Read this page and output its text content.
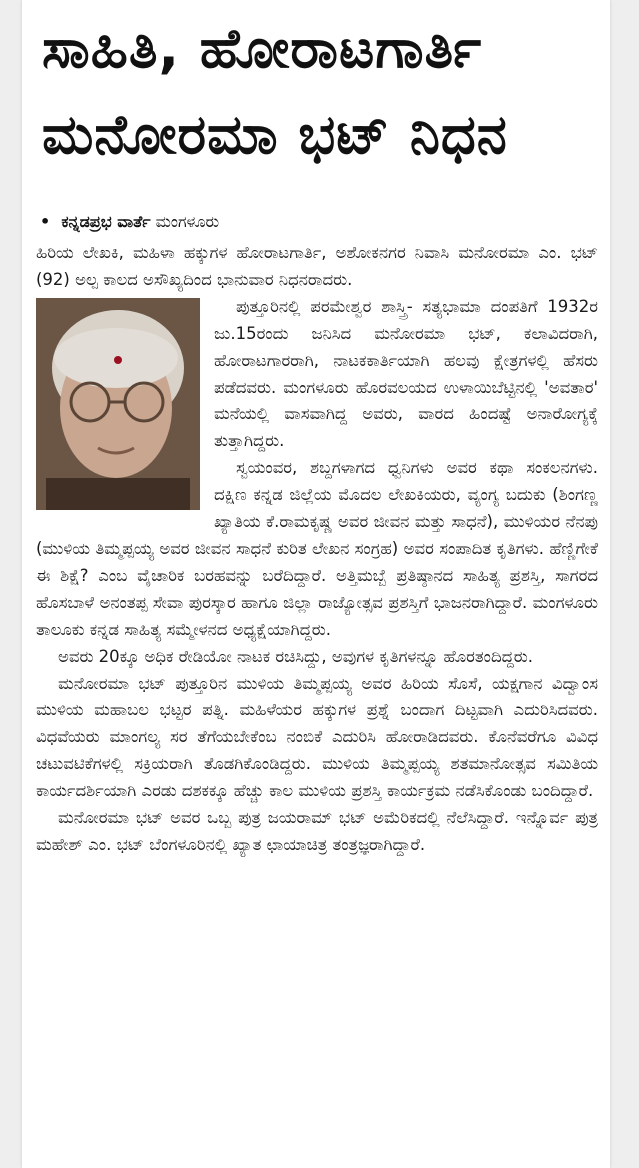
ಸಾಹಿತಿ, ಹೋರಾಟಗಾರ್ತಿ
ಮನೋರಮಾ ಭಟ್ ನಿಧನ
• ಕನ್ನಡಪ್ರಭ ವಾರ್ತೆ ಮಂಗಳೂರು

ಹಿರಿಯ ಲೇಖಕಿ, ಮಹಿಳಾ ಹಕ್ಕುಗಳ ಹೋರಾಟಗಾರ್ತಿ, ಅಶೋಕನಗರ ನಿವಾಸಿ ಮನೋರಮಾ ಎಂ. ಭಟ್ (92) ಅಲ್ಪ ಕಾಲದ ಅಸೌಖ್ಯದಿಂದ ಭಾನುವಾರ ನಿಧನರಾದರು.

ಪುತ್ತೂರಿನಲ್ಲಿ ಪರಮೇಶ್ವರ ಶಾಸ್ತ್ರಿ- ಸತ್ಯಭಾಮಾ ದಂಪತಿಗೆ 1932ರ ಜು.15ರಂದು ಜನಿಸಿದ ಮನೋರಮಾ ಭಟ್, ಕಲಾವಿದರಾಗಿ, ಹೋರಾಟಗಾರರಾಗಿ, ನಾಟಕಕಾರ್ತಿಯಾಗಿ ಹಲವು ಕ್ಷೇತ್ರಗಳಲ್ಲಿ ಹೆಸರು ಪಡೆದವರು. ಮಂಗಳೂರು ಹೊರವಲಯದ ಉಳಾಯಿಬೆಟ್ಟಿನಲ್ಲಿ 'ಅವತಾರ' ಮನೆಯಲ್ಲಿ ವಾಸವಾಗಿದ್ದ ಅವರು, ವಾರದ ಹಿಂದಷ್ಟೆ ಅನಾರೋಗ್ಯಕ್ಕೆ ತುತ್ತಾಗಿದ್ದರು.

ಸ್ವಯಂವರ, ಶಬ್ದಗಳಾಗದ ಧ್ವನಿಗಳು ಅವರ ಕಥಾ ಸಂಕಲನಗಳು. ದಕ್ಷಿಣ ಕನ್ನಡ ಜಿಲ್ಲೆಯ ಮೊದಲ ಲೇಖಕಿಯರು, ವ್ಯಂಗ್ಯ ಬದುಕು (ಶಿಂಗಣ್ಣ ಖ್ಯಾತಿಯ ಕೆ.ರಾಮಕೃಷ್ಣ ಅವರ ಜೀವನ ಮತ್ತು ಸಾಧನೆ), ಮುಳಿಯರ ನೆನಪು (ಮುಳಿಯ ತಿಮ್ಮಪ್ಪಯ್ಯ ಅವರ ಜೀವನ ಸಾಧನೆ ಕುರಿತ ಲೇಖನ ಸಂಗ್ರಹ) ಅವರ ಸಂಪಾದಿತ ಕೃತಿಗಳು. ಹೆಣ್ಣಿಗೇಕೆ ಈ ಶಿಕ್ಷೆ? ಎಂಬ ವೈಚಾರಿಕ ಬರಹವನ್ನು ಬರೆದಿದ್ದಾರೆ. ಅತ್ತಿಮಬ್ಬೆ ಪ್ರತಿಷ್ಠಾನದ ಸಾಹಿತ್ಯ ಪ್ರಶಸ್ತಿ, ಸಾಗರದ ಹೊಸಬಾಳೆ ಅನಂತಪ್ಪ ಸೇವಾ ಪುರಸ್ಕಾರ ಹಾಗೂ ಜಿಲ್ಲಾ ರಾಜ್ಯೋತ್ಸವ ಪ್ರಶಸ್ತಿಗೆ ಭಾಜನರಾಗಿದ್ದಾರೆ. ಮಂಗಳೂರು ತಾಲೂಕು ಕನ್ನಡ ಸಾಹಿತ್ಯ ಸಮ್ಮೇಳನದ ಅಧ್ಯಕ್ಷೆಯಾಗಿದ್ದರು.

ಅವರು 20ಕ್ಕೂ ಅಧಿಕ ರೇಡಿಯೋ ನಾಟಕ ರಚಿಸಿದ್ದು, ಅವುಗಳ ಕೃತಿಗಳನ್ನೂ ಹೊರತಂದಿದ್ದರು.

ಮನೋರಮಾ ಭಟ್ ಪುತ್ತೂರಿನ ಮುಳಿಯ ತಿಮ್ಮಪ್ಪಯ್ಯ ಅವರ ಹಿರಿಯ ಸೊಸೆ, ಯಕ್ಷಗಾನ ವಿದ್ವಾಂಸ ಮುಳಿಯ ಮಹಾಬಲ ಭಟ್ಟರ ಪತ್ನಿ. ಮಹಿಳೆಯರ ಹಕ್ಕುಗಳ ಪ್ರಶ್ನೆ ಬಂದಾಗ ದಿಟ್ಟವಾಗಿ ಎದುರಿಸಿದವರು. ವಿಧವೆಯರು ಮಾಂಗಲ್ಯ ಸರ ತೆಗೆಯಬೇಕೆಂಬ ನಂಬಿಕೆ ಎದುರಿಸಿ ಹೋರಾಡಿದವರು. ಕೊನೆವರೆಗೂ ವಿವಿಧ ಚಟುವಟಿಕೆಗಳಲ್ಲಿ ಸಕ್ರಿಯರಾಗಿ ತೊಡಗಿಕೊಂಡಿದ್ದರು. ಮುಳಿಯ ತಿಮ್ಮಪ್ಪಯ್ಯ ಶತಮಾನೋತ್ಸವ ಸಮಿತಿಯ ಕಾರ್ಯದರ್ಶಿಯಾಗಿ ಎರಡು ದಶಕಕ್ಕೂ ಹೆಚ್ಚು ಕಾಲ ಮುಳಿಯ ಪ್ರಶಸ್ತಿ ಕಾರ್ಯಕ್ರಮ ನಡೆಸಿಕೊಂಡು ಬಂದಿದ್ದಾರೆ.

ಮನೋರಮಾ ಭಟ್ ಅವರ ಒಬ್ಬ ಪುತ್ರ ಜಯರಾಮ್ ಭಟ್ ಅಮೆರಿಕದಲ್ಲಿ ನೆಲೆಸಿದ್ದಾರೆ. ಇನ್ನೊರ್ವ ಪುತ್ರ ಮಹೇಶ್ ಎಂ. ಭಟ್ ಬೆಂಗಳೂರಿನಲ್ಲಿ ಖ್ಯಾತ ಛಾಯಾಚಿತ್ರ ತಂತ್ರಜ್ಞರಾಗಿದ್ದಾರೆ.
